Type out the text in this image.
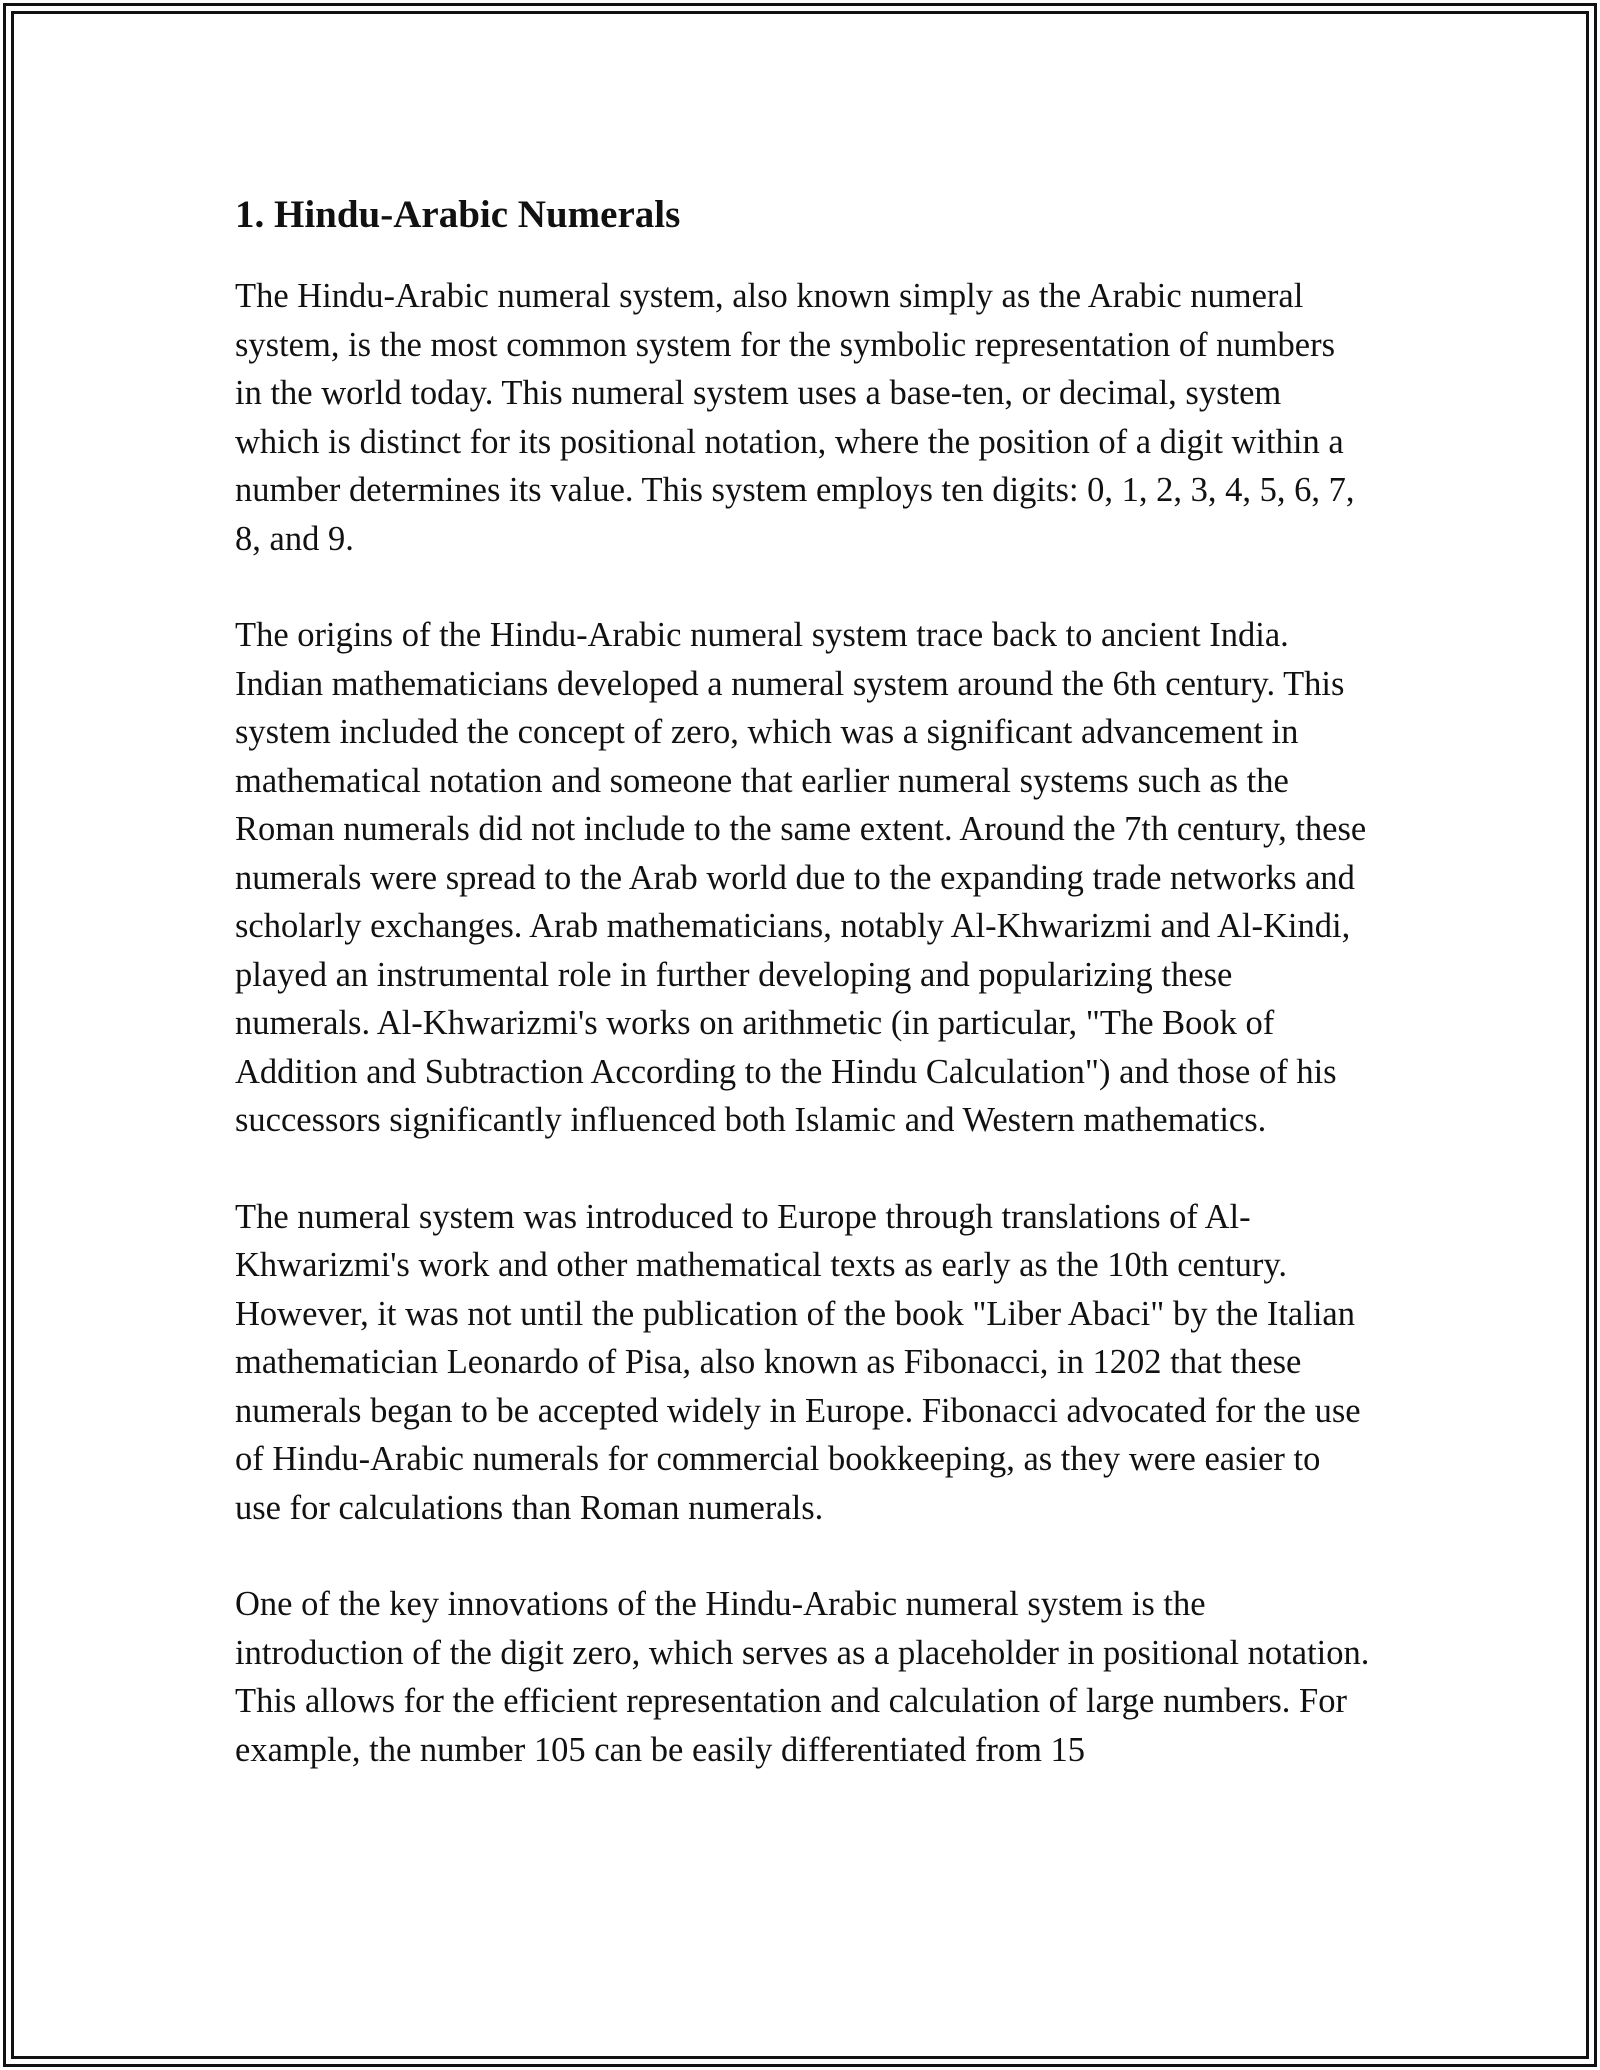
1. Hindu-Arabic Numerals

The Hindu-Arabic numeral system, also known simply as the Arabic numeral system, is the most common system for the symbolic representation of numbers in the world today. This numeral system uses a base-ten, or decimal, system which is distinct for its positional notation, where the position of a digit within a number determines its value. This system employs ten digits: 0, 1, 2, 3, 4, 5, 6, 7, 8, and 9.

The origins of the Hindu-Arabic numeral system trace back to ancient India. Indian mathematicians developed a numeral system around the 6th century. This system included the concept of zero, which was a significant advancement in mathematical notation and someone that earlier numeral systems such as the Roman numerals did not include to the same extent. Around the 7th century, these numerals were spread to the Arab world due to the expanding trade networks and scholarly exchanges. Arab mathematicians, notably Al-Khwarizmi and Al-Kindi, played an instrumental role in further developing and popularizing these numerals. Al-Khwarizmi's works on arithmetic (in particular, "The Book of Addition and Subtraction According to the Hindu Calculation") and those of his successors significantly influenced both Islamic and Western mathematics.

The numeral system was introduced to Europe through translations of Al-Khwarizmi's work and other mathematical texts as early as the 10th century. However, it was not until the publication of the book "Liber Abaci" by the Italian mathematician Leonardo of Pisa, also known as Fibonacci, in 1202 that these numerals began to be accepted widely in Europe. Fibonacci advocated for the use of Hindu-Arabic numerals for commercial bookkeeping, as they were easier to use for calculations than Roman numerals.

One of the key innovations of the Hindu-Arabic numeral system is the introduction of the digit zero, which serves as a placeholder in positional notation. This allows for the efficient representation and calculation of large numbers. For example, the number 105 can be easily differentiated from 15
